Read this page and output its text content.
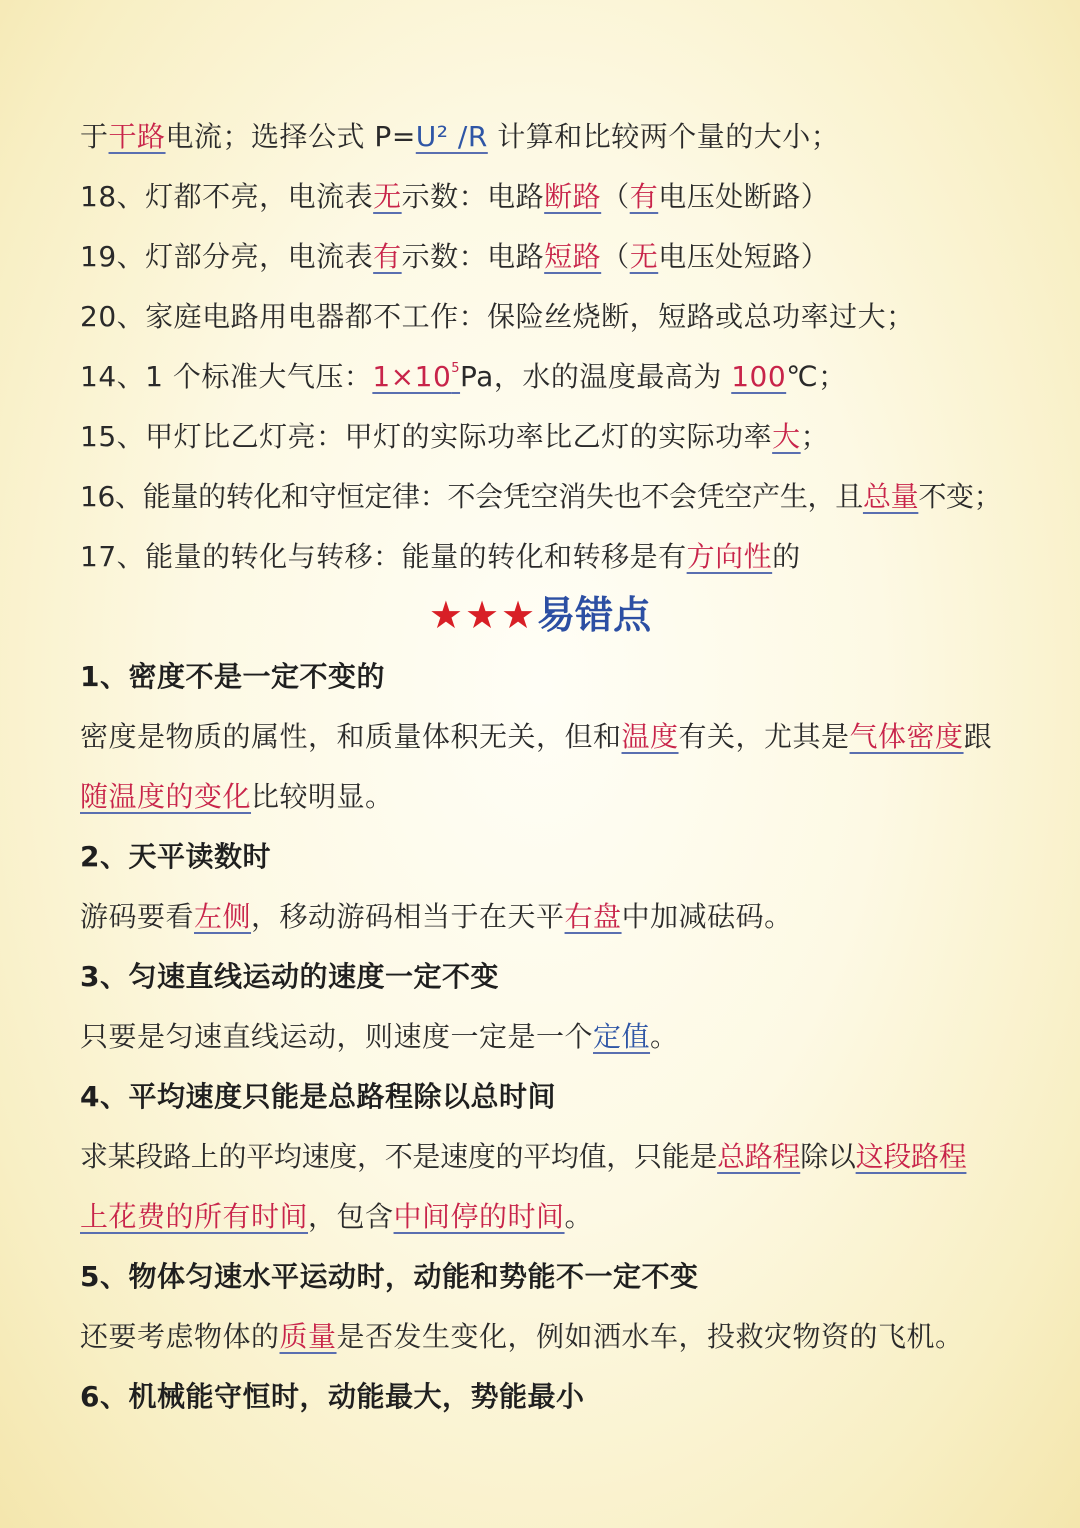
于干路电流；选择公式 P=U² /R 计算和比较两个量的大小；
18、灯都不亮，电流表无示数：电路断路（有电压处断路）
19、灯部分亮，电流表有示数：电路短路（无电压处短路）
20、家庭电路用电器都不工作：保险丝烧断，短路或总功率过大；
14、1 个标准大气压：$1\times 10^5Pa$，水的温度最高为 100℃；
15、甲灯比乙灯亮：甲灯的实际功率比乙灯的实际功率大；
16、能量的转化和守恒定律：不会凭空消失也不会凭空产生，且总量不变；
17、能量的转化与转移：能量的转化和转移是有方向性的
★★★易错点
1、密度不是一定不变的
密度是物质的属性，和质量体积无关，但和温度有关，尤其是气体密度跟
随温度的变化比较明显。
2、天平读数时
游码要看左侧，移动游码相当于在天平右盘中加减砝码。
3、匀速直线运动的速度一定不变
只要是匀速直线运动，则速度一定是一个定值。
4、平均速度只能是总路程除以总时间
求某段路上的平均速度，不是速度的平均值，只能是总路程除以这段路程
上花费的所有时间，包含中间停的时间。
5、物体匀速水平运动时，动能和势能不一定不变
还要考虑物体的质量是否发生变化，例如洒水车，投救灾物资的飞机。
6、机械能守恒时，动能最大，势能最小
